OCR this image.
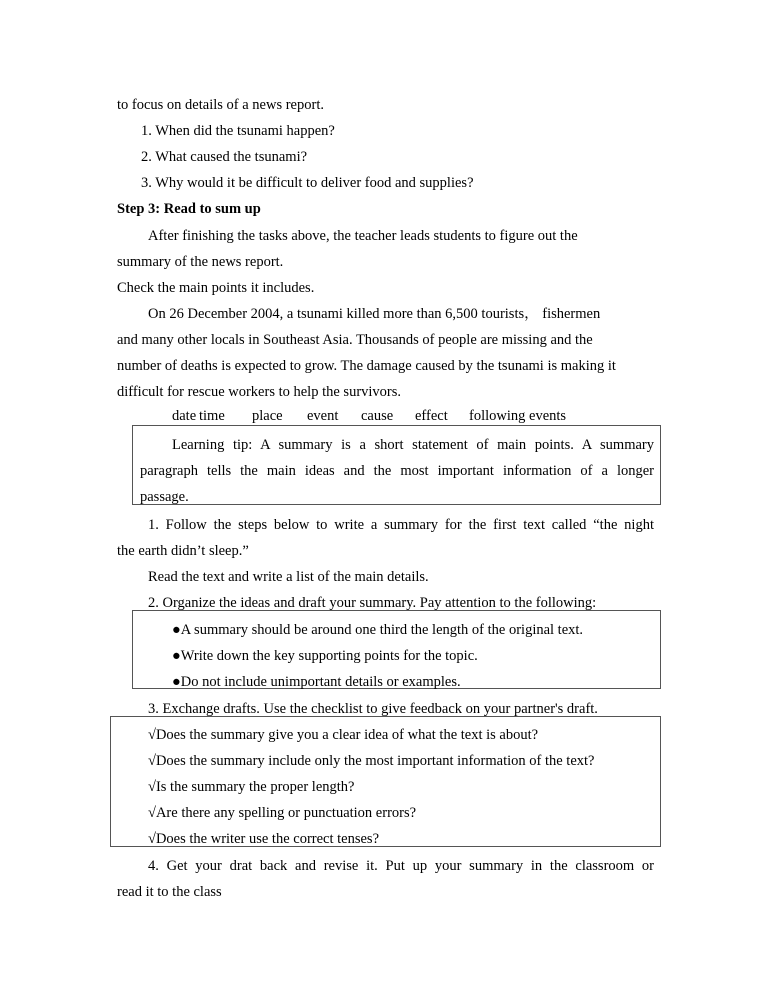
to focus on details of a news report.
1. When did the tsunami happen?
2. What caused the tsunami?
3. Why would it be difficult to deliver food and supplies?
Step 3: Read to sum up
After finishing the tasks above, the teacher leads students to figure out the
summary of the news report.
Check the main points it includes.
On 26 December 2004, a tsunami killed more than 6,500 tourists， fishermen
and many other locals in Southeast Asia. Thousands of people are missing and the
number of deaths is expected to grow. The damage caused by the tsunami is making it
difficult for rescue workers to help the survivors.
date time place event cause effect following events
Learning tip: A summary is a short statement of main points. A summary
paragraph tells the main ideas and the most important information of a longer
passage.
1. Follow the steps below to write a summary for the first text called “the night
the earth didn’t sleep.”
Read the text and write a list of the main details.
2. Organize the ideas and draft your summary. Pay attention to the following:
●A summary should be around one third the length of the original text.
●Write down the key supporting points for the topic.
●Do not include unimportant details or examples.
3. Exchange drafts. Use the checklist to give feedback on your partner's draft.
√Does the summary give you a clear idea of what the text is about?
√Does the summary include only the most important information of the text?
√Is the summary the proper length?
√Are there any spelling or punctuation errors?
√Does the writer use the correct tenses?
4. Get your drat back and revise it. Put up your summary in the classroom or
read it to the class
